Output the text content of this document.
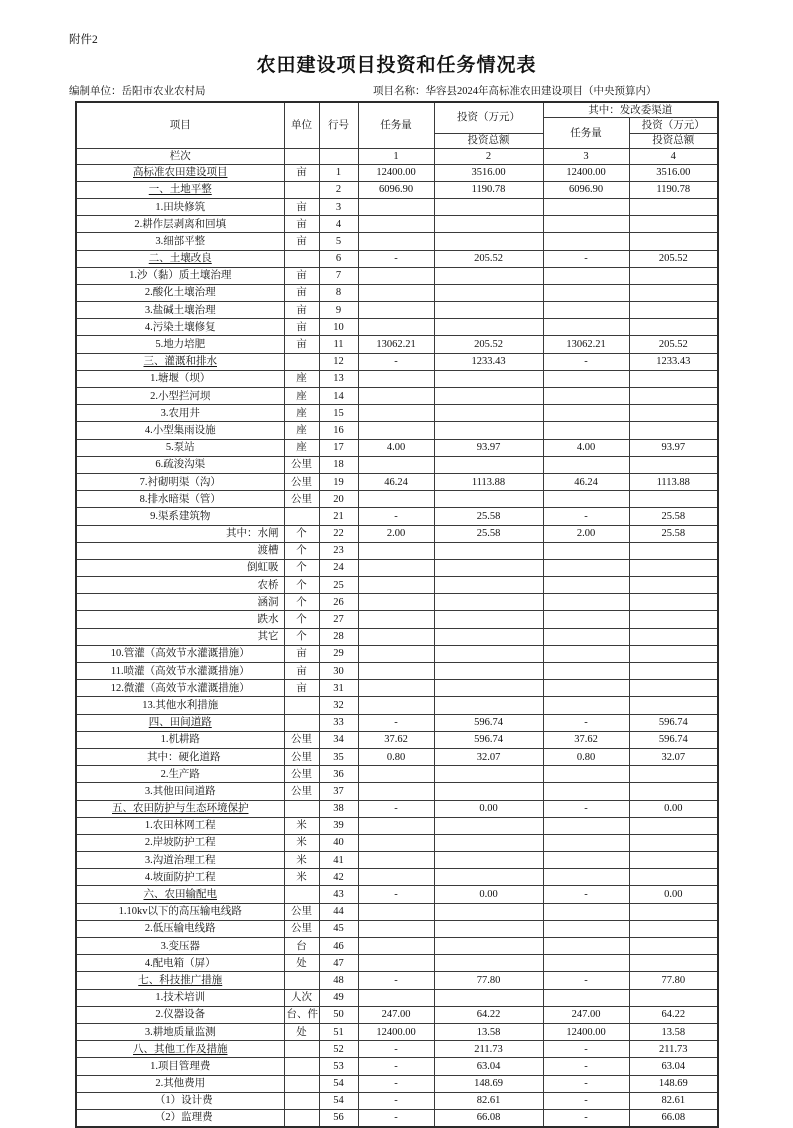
附件2
农田建设项目投资和任务情况表
编制单位：岳阳市农业农村局	项目名称：华容县2024年高标准农田建设项目（中央预算内）
项目	单位	行号	任务量	投资（万元）	其中：发改委渠道	
					任务量	投资（万元）
				投资总额		投资总额
栏次			1	2	3	4
高标准农田建设项目	亩	1	12400.00	3516.00	12400.00	3516.00
一、土地平整		2	6096.90	1190.78	6096.90	1190.78
1.田块修筑	亩	3				
2.耕作层剥离和回填	亩	4				
3.细部平整	亩	5				
二、土壤改良		6	-	205.52	-	205.52
1.沙（黏）质土壤治理	亩	7				
2.酸化土壤治理	亩	8				
3.盐碱土壤治理	亩	9				
4.污染土壤修复	亩	10				
5.地力培肥	亩	11	13062.21	205.52	13062.21	205.52
三、灌溉和排水		12	-	1233.43	-	1233.43
1.塘堰（坝）	座	13				
2.小型拦河坝	座	14				
3.农用井	座	15				
4.小型集雨设施	座	16				
5.泵站	座	17	4.00	93.97	4.00	93.97
6.疏浚沟渠	公里	18				
7.衬砌明渠（沟）	公里	19	46.24	1113.88	46.24	1113.88
8.排水暗渠（管）	公里	20				
9.渠系建筑物		21	-	25.58	-	25.58
其中：水闸	个	22	2.00	25.58	2.00	25.58
渡槽	个	23				
倒虹吸	个	24				
农桥	个	25				
涵洞	个	26				
跌水	个	27				
其它	个	28				
10.管灌（高效节水灌溉措施）	亩	29				
11.喷灌（高效节水灌溉措施）	亩	30				
12.微灌（高效节水灌溉措施）	亩	31				
13.其他水利措施		32				
四、田间道路		33	-	596.74	-	596.74
1.机耕路	公里	34	37.62	596.74	37.62	596.74
其中：硬化道路	公里	35	0.80	32.07	0.80	32.07
2.生产路	公里	36				
3.其他田间道路	公里	37				
五、农田防护与生态环境保护		38	-	0.00	-	0.00
1.农田林网工程	米	39				
2.岸坡防护工程	米	40				
3.沟道治理工程	米	41				
4.坡面防护工程	米	42				
六、农田输配电		43	-	0.00	-	0.00
1.10kv以下的高压输电线路	公里	44				
2.低压输电线路	公里	45				
3.变压器	台	46				
4.配电箱（屏）	处	47				
七、科技推广措施		48	-	77.80	-	77.80
1.技术培训	人次	49				
2.仪器设备	台、件	50	247.00	64.22	247.00	64.22
3.耕地质量监测	处	51	12400.00	13.58	12400.00	13.58
八、其他工作及措施		52	-	211.73	-	211.73
1.项目管理费		53	-	63.04	-	63.04
2.其他费用		54	-	148.69	-	148.69
（1）设计费		54	-	82.61	-	82.61
（2）监理费		56	-	66.08	-	66.08
